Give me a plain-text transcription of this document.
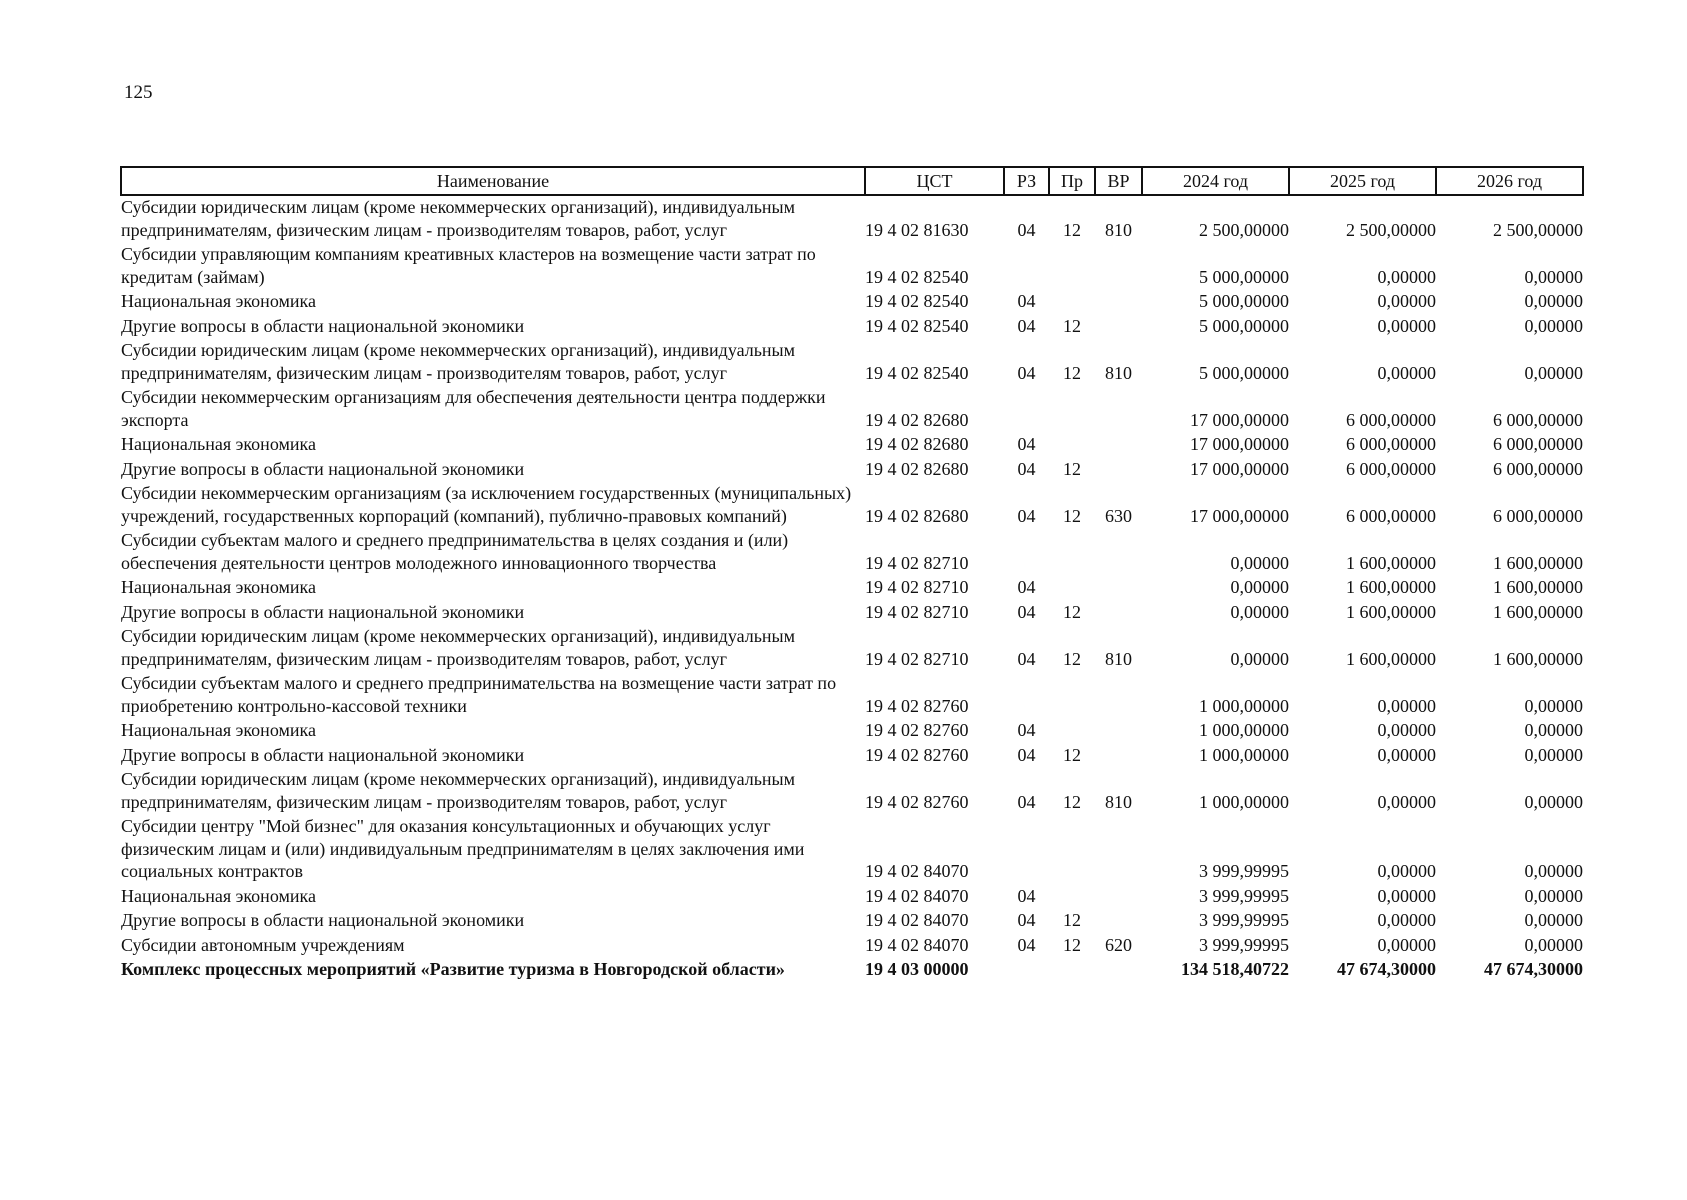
125
Наименование	ЦСТ	РЗ	Пр	ВР	2024 год	2025 год	2026 год
Субсидии юридическим лицам (кроме некоммерческих организаций), индивидуальным предпринимателям, физическим лицам - производителям товаров, работ, услуг	19 4 02 81630	04	12	810	2 500,00000	2 500,00000	2 500,00000
Субсидии управляющим компаниям креативных кластеров на возмещение части затрат по кредитам (займам)	19 4 02 82540				5 000,00000	0,00000	0,00000
Национальная экономика	19 4 02 82540	04			5 000,00000	0,00000	0,00000
Другие вопросы в области национальной экономики	19 4 02 82540	04	12		5 000,00000	0,00000	0,00000
Субсидии юридическим лицам (кроме некоммерческих организаций), индивидуальным предпринимателям, физическим лицам - производителям товаров, работ, услуг	19 4 02 82540	04	12	810	5 000,00000	0,00000	0,00000
Субсидии некоммерческим организациям для обеспечения деятельности центра поддержки экспорта	19 4 02 82680				17 000,00000	6 000,00000	6 000,00000
Национальная экономика	19 4 02 82680	04			17 000,00000	6 000,00000	6 000,00000
Другие вопросы в области национальной экономики	19 4 02 82680	04	12		17 000,00000	6 000,00000	6 000,00000
Субсидии некоммерческим организациям (за исключением государственных (муниципальных) учреждений, государственных корпораций (компаний), публично-правовых компаний)	19 4 02 82680	04	12	630	17 000,00000	6 000,00000	6 000,00000
Субсидии субъектам малого и среднего предпринимательства в целях создания и (или) обеспечения деятельности центров молодежного инновационного творчества	19 4 02 82710				0,00000	1 600,00000	1 600,00000
Национальная экономика	19 4 02 82710	04			0,00000	1 600,00000	1 600,00000
Другие вопросы в области национальной экономики	19 4 02 82710	04	12		0,00000	1 600,00000	1 600,00000
Субсидии юридическим лицам (кроме некоммерческих организаций), индивидуальным предпринимателям, физическим лицам - производителям товаров, работ, услуг	19 4 02 82710	04	12	810	0,00000	1 600,00000	1 600,00000
Субсидии субъектам малого и среднего предпринимательства на возмещение части затрат по приобретению контрольно-кассовой техники	19 4 02 82760				1 000,00000	0,00000	0,00000
Национальная экономика	19 4 02 82760	04			1 000,00000	0,00000	0,00000
Другие вопросы в области национальной экономики	19 4 02 82760	04	12		1 000,00000	0,00000	0,00000
Субсидии юридическим лицам (кроме некоммерческих организаций), индивидуальным предпринимателям, физическим лицам - производителям товаров, работ, услуг	19 4 02 82760	04	12	810	1 000,00000	0,00000	0,00000
Субсидии центру "Мой бизнес" для оказания консультационных и обучающих услуг физическим лицам и (или) индивидуальным предпринимателям в целях заключения ими социальных контрактов	19 4 02 84070				3 999,99995	0,00000	0,00000
Национальная экономика	19 4 02 84070	04			3 999,99995	0,00000	0,00000
Другие вопросы в области национальной экономики	19 4 02 84070	04	12		3 999,99995	0,00000	0,00000
Субсидии автономным учреждениям	19 4 02 84070	04	12	620	3 999,99995	0,00000	0,00000
Комплекс процессных мероприятий «Развитие туризма в Новгородской области»	19 4 03 00000				134 518,40722	47 674,30000	47 674,30000
